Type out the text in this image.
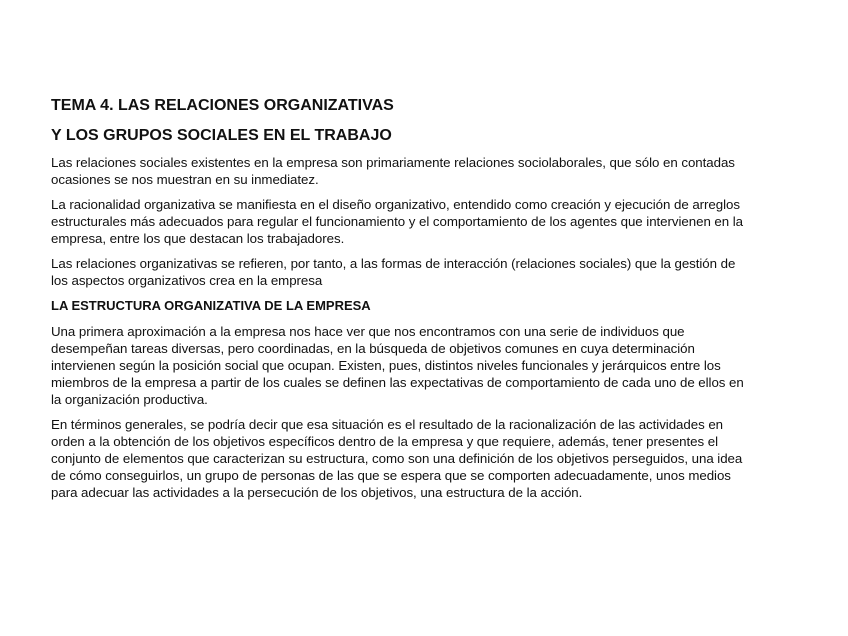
TEMA 4. LAS RELACIONES ORGANIZATIVAS
Y LOS GRUPOS SOCIALES EN EL TRABAJO

Las relaciones sociales existentes en la empresa son primariamente relaciones sociolaborales, que sólo en contadas ocasiones se nos muestran en su inmediatez.

La racionalidad organizativa se manifiesta en el diseño organizativo, entendido como creación y ejecución de arreglos estructurales más adecuados para regular el funcionamiento y el comportamiento de los agentes que intervienen en la empresa, entre los que destacan los trabajadores.

Las relaciones organizativas se refieren, por tanto, a las formas de interacción (relaciones sociales) que la gestión de los aspectos organizativos crea en la empresa

LA ESTRUCTURA ORGANIZATIVA DE LA EMPRESA

Una primera aproximación a la empresa nos hace ver que nos encontramos con una serie de individuos que desempeñan tareas diversas, pero coordinadas, en la búsqueda de objetivos comunes en cuya determinación intervienen según la posición social que ocupan. Existen, pues, distintos niveles funcionales y jerárquicos entre los miembros de la empresa a partir de los cuales se definen las expectativas de comportamiento de cada uno de ellos en la organización productiva.

En términos generales, se podría decir que esa situación es el resultado de la racionalización de las actividades en orden a la obtención de los objetivos específicos dentro de la empresa y que requiere, además, tener presentes el conjunto de elementos que caracterizan su estructura, como son una definición de los objetivos perseguidos, una idea de cómo conseguirlos, un grupo de personas de las que se espera que se comporten adecuadamente, unos medios para adecuar las actividades a la persecución de los objetivos, una estructura de la acción.
